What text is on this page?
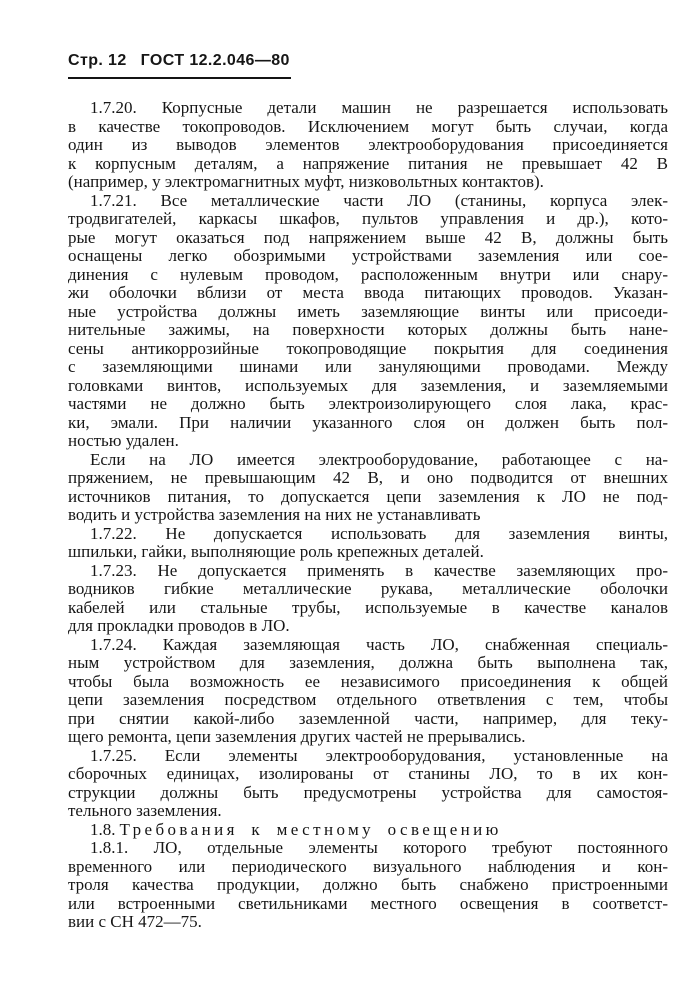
Стр. 12 ГОСТ 12.2.046—80
1.7.20. Корпусные детали машин не разрешается использовать
в качестве токопроводов. Исключением могут быть случаи, когда
один из выводов элементов электрооборудования присоединяется
к корпусным деталям, а напряжение питания не превышает 42 В
(например, у электромагнитных муфт, низковольтных контактов).
1.7.21. Все металлические части ЛО (станины, корпуса элек-
тродвигателей, каркасы шкафов, пультов управления и др.), кото-
рые могут оказаться под напряжением выше 42 В, должны быть
оснащены легко обозримыми устройствами заземления или сое-
динения с нулевым проводом, расположенным внутри или снару-
жи оболочки вблизи от места ввода питающих проводов. Указан-
ные устройства должны иметь заземляющие винты или присоеди-
нительные зажимы, на поверхности которых должны быть нане-
сены антикоррозийные токопроводящие покрытия для соединения
с заземляющими шинами или зануляющими проводами. Между
головками винтов, используемых для заземления, и заземляемыми
частями не должно быть электроизолирующего слоя лака, крас-
ки, эмали. При наличии указанного слоя он должен быть пол-
ностью удален.
Если на ЛО имеется электрооборудование, работающее с на-
пряжением, не превышающим 42 В, и оно подводится от внешних
источников питания, то допускается цепи заземления к ЛО не под-
водить и устройства заземления на них не устанавливать
1.7.22. Не допускается использовать для заземления винты,
шпильки, гайки, выполняющие роль крепежных деталей.
1.7.23. Не допускается применять в качестве заземляющих про-
водников гибкие металлические рукава, металлические оболочки
кабелей или стальные трубы, используемые в качестве каналов
для прокладки проводов в ЛО.
1.7.24. Каждая заземляющая часть ЛО, снабженная специаль-
ным устройством для заземления, должна быть выполнена так,
чтобы была возможность ее независимого присоединения к общей
цепи заземления посредством отдельного ответвления с тем, чтобы
при снятии какой-либо заземленной части, например, для теку-
щего ремонта, цепи заземления других частей не прерывались.
1.7.25. Если элементы электрооборудования, установленные на
сборочных единицах, изолированы от станины ЛО, то в их кон-
струкции должны быть предусмотрены устройства для самостоя-
тельного заземления.
1.8. Требования к местному освещению
1.8.1. ЛО, отдельные элементы которого требуют постоянного
временного или периодического визуального наблюдения и кон-
троля качества продукции, должно быть снабжено пристроенными
или встроенными светильниками местного освещения в соответст-
вии с СН 472—75.
